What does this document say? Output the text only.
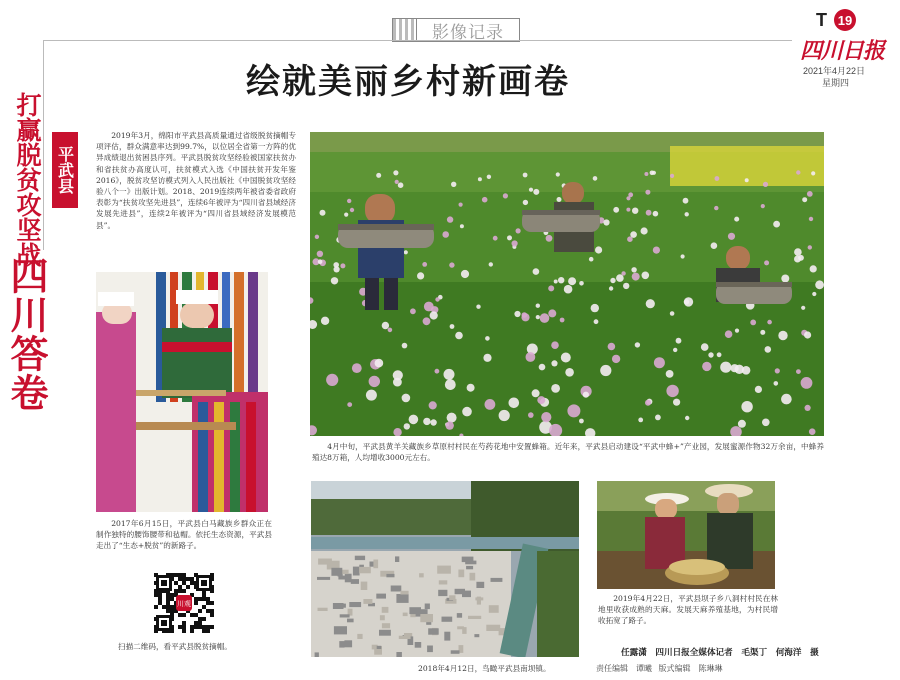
影像记录
绘就美丽乡村新画卷
T 19
四川日报
2021年4月22日
星期四
打赢脱贫攻坚战 平武县
四川答卷
2019年3月，绵阳市平武县高质量通过省级脱贫摘帽专项评估，群众满意率达到99.7%，以位居全省第一方阵的优异成绩退出贫困县序列。平武县脱贫攻坚经验被国家扶贫办和省扶贫办高度认可，扶贫模式入选《中国扶贫开发年鉴2016》，脱贫攻坚访模式列入人民出版社《中国脱贫攻坚经验八个一》出版计划。2018、2019连续两年被省委省政府表彰为“扶贫攻坚先进县”，连续6年被评为“四川省县域经济发展先进县”，连续2年被评为“四川省县域经济发展模范县”。
4月中旬，平武县黄羊关藏族乡草原村村民在芍药花地中安置蜂箱。近年来，平武县启动建设“平武中蜂+”产业园，发展蜜源作物32万余亩，中蜂养殖达8万箱，人均增收3000元左右。
2017年6月15日，平武县白马藏族乡群众正在制作独特的腰饰腰带和毡帽。依托生态资源，平武县走出了“生态+脱贫”的新路子。
2018年4月12日，鸟瞰平武县南坝镇。
2019年4月22日，平武县坝子乡八洞村村民在林地里收获成熟的天麻。发展天麻养殖基地，为村民增收拓宽了路子。
川观
扫描二维码，看平武县脱贫摘帽。
任露潇　四川日报全媒体记者　毛渠丁　何海洋　摄
责任编辑　谭曦 版式编辑　陈琳琳
